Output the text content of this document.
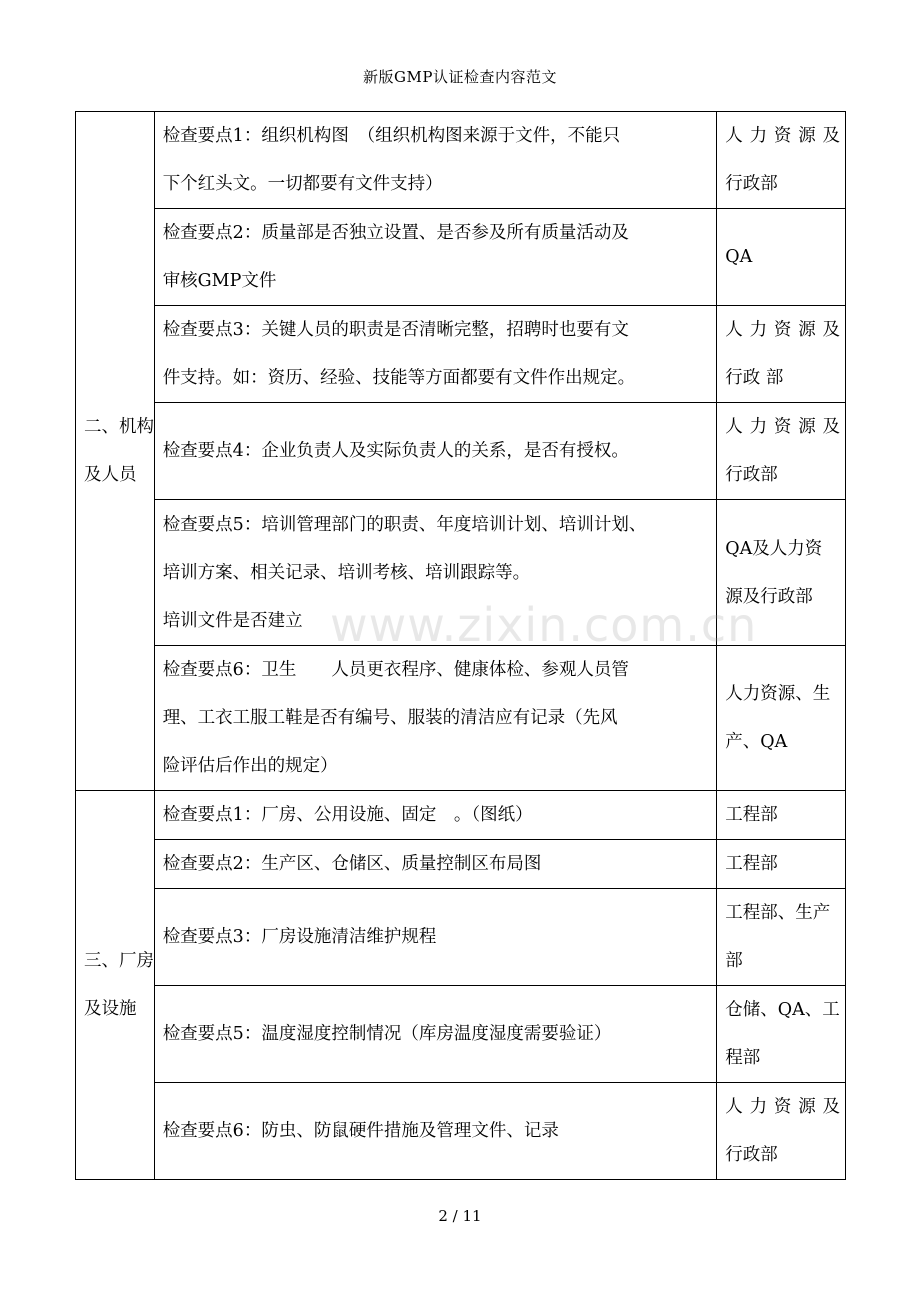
新版GMP认证检查内容范文
二、机构
及人员	检查要点1：组织机构图　（组织机构图来源于文件，不能只
下个红头文。一切都要有文件支持）	人力资源及
行政部

	检查要点2：质量部是否独立设置、是否参及所有质量活动及
审核GMP文件	QA

	检查要点3：关键人员的职责是否清晰完整，招聘时也要有文
件支持。如：资历、经验、技能等方面都要有文件作出规定。	人力资源及
行政 部

	检查要点4：企业负责人及实际负责人的关系，是否有授权。	人力资源及
行政部

	检查要点5：培训管理部门的职责、年度培训计划、培训计划、
培训方案、相关记录、培训考核、培训跟踪等。
培训文件是否建立	QA及人力资
源及行政部

	检查要点6：卫生　　人员更衣程序、健康体检、参观人员管
理、工衣工服工鞋是否有编号、服装的清洁应有记录（先风
险评估后作出的规定）	人力资源、生
产、QA

三、厂房
及设施	检查要点1：厂房、公用设施、固定　。（图纸）	工程部

	检查要点2：生产区、仓储区、质量控制区布局图	工程部

	检查要点3：厂房设施清洁维护规程	工程部、生产
部

	检查要点5：温度湿度控制情况（库房温度湿度需要验证）	仓储、QA、工
程部

	检查要点6：防虫、防鼠硬件措施及管理文件、记录	人力资源及
行政部
www.zixin.com.cn
2 / 11
